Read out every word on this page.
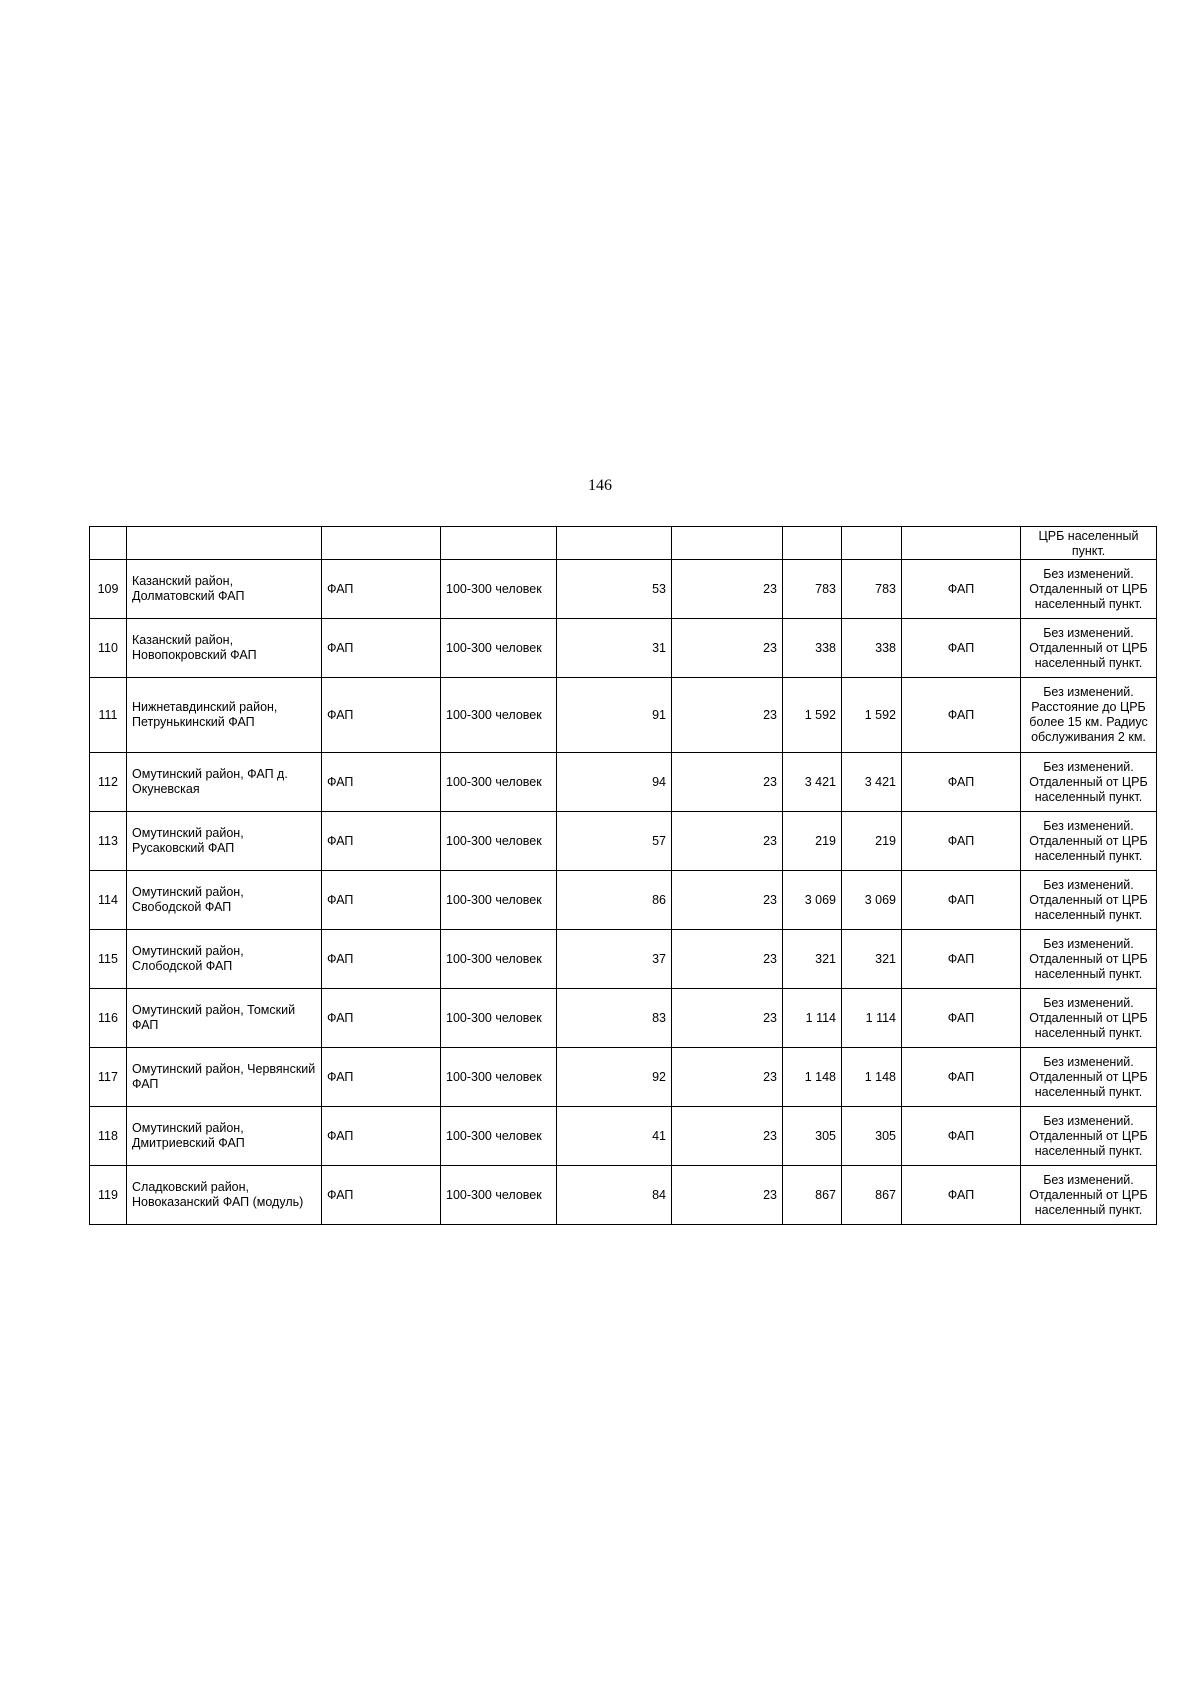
146
									ЦРБ населенный пункт.
109	Казанский район, Долматовский ФАП	ФАП	100-300 человек	53	23	783	783	ФАП	Без изменений. Отдаленный от ЦРБ населенный пункт.
110	Казанский район, Новопокровский ФАП	ФАП	100-300 человек	31	23	338	338	ФАП	Без изменений. Отдаленный от ЦРБ населенный пункт.
111	Нижнетавдинский район, Петрунькинский ФАП	ФАП	100-300 человек	91	23	1 592	1 592	ФАП	Без изменений. Расстояние до ЦРБ более 15 км. Радиус обслуживания 2 км.
112	Омутинский район, ФАП д. Окуневская	ФАП	100-300 человек	94	23	3 421	3 421	ФАП	Без изменений. Отдаленный от ЦРБ населенный пункт.
113	Омутинский район, Русаковский ФАП	ФАП	100-300 человек	57	23	219	219	ФАП	Без изменений. Отдаленный от ЦРБ населенный пункт.
114	Омутинский район, Свободской ФАП	ФАП	100-300 человек	86	23	3 069	3 069	ФАП	Без изменений. Отдаленный от ЦРБ населенный пункт.
115	Омутинский район, Слободской ФАП	ФАП	100-300 человек	37	23	321	321	ФАП	Без изменений. Отдаленный от ЦРБ населенный пункт.
116	Омутинский район, Томский ФАП	ФАП	100-300 человек	83	23	1 114	1 114	ФАП	Без изменений. Отдаленный от ЦРБ населенный пункт.
117	Омутинский район, Червянский ФАП	ФАП	100-300 человек	92	23	1 148	1 148	ФАП	Без изменений. Отдаленный от ЦРБ населенный пункт.
118	Омутинский район, Дмитриевский ФАП	ФАП	100-300 человек	41	23	305	305	ФАП	Без изменений. Отдаленный от ЦРБ населенный пункт.
119	Сладковский район, Новоказанский ФАП (модуль)	ФАП	100-300 человек	84	23	867	867	ФАП	Без изменений. Отдаленный от ЦРБ населенный пункт.
